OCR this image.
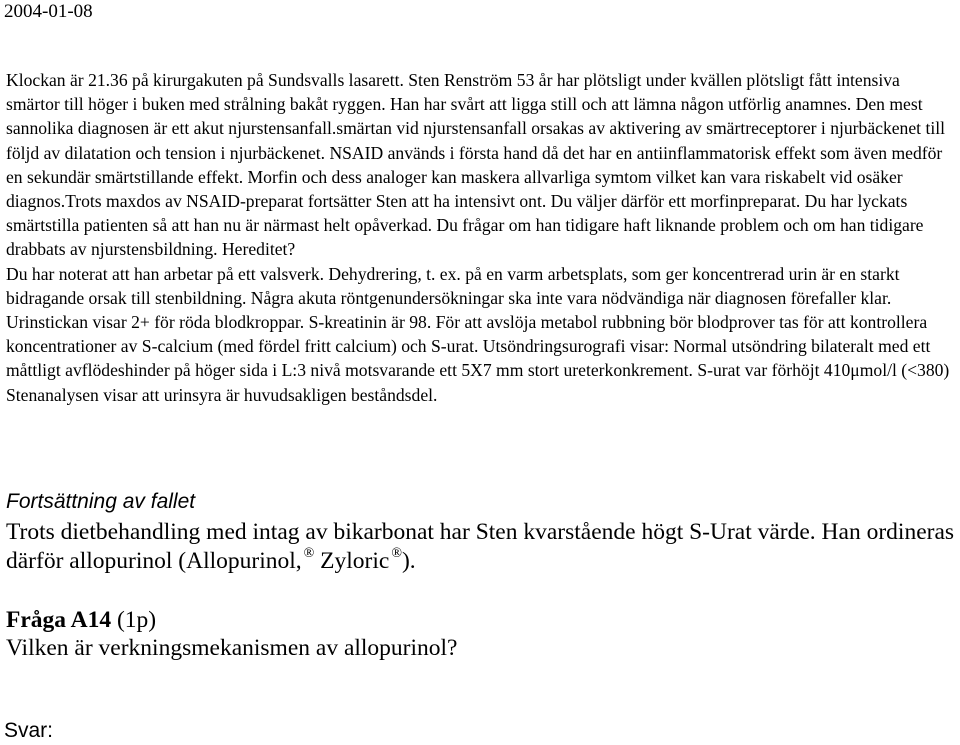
2004-01-08

Klockan är 21.36 på kirurgakuten på Sundsvalls lasarett. Sten Renström 53 år har plötsligt under kvällen plötsligt fått intensiva smärtor till höger i buken med strålning bakåt ryggen. Han har svårt att ligga still och att lämna någon utförlig anamnes. Den mest sannolika diagnosen är ett akut njurstensanfall.smärtan vid njurstensanfall orsakas av aktivering av smärtreceptorer i njurbäckenet till följd av dilatation och tension i njurbäckenet. NSAID används i första hand då det har en antiinflammatorisk effekt som även medför en sekundär smärtstillande effekt. Morfin och dess analoger kan maskera allvarliga symtom vilket kan vara riskabelt vid osäker diagnos.Trots maxdos av NSAID-preparat fortsätter Sten att ha intensivt ont. Du väljer därför ett morfinpreparat. Du har lyckats smärtstilla patienten så att han nu är närmast helt opåverkad. Du frågar om han tidigare haft liknande problem och om han tidigare drabbats av njurstensbildning. Hereditet?

Du har noterat att han arbetar på ett valsverk. Dehydrering, t. ex. på en varm arbetsplats, som ger koncentrerad urin är en starkt bidragande orsak till stenbildning. Några akuta röntgenundersökningar ska inte vara nödvändiga när diagnosen förefaller klar. Urinstickan visar 2+ för röda blodkroppar. S-kreatinin är 98. För att avslöja metabol rubbning bör blodprover tas för att kontrollera koncentrationer av S-calcium (med fördel fritt calcium) och S-urat. Utsöndringsurografi visar: Normal utsöndring bilateralt med ett måttligt avflödeshinder på höger sida i L:3 nivå motsvarande ett 5X7 mm stort ureterkonkrement. S-urat var förhöjt 410μmol/l (<380)

Stenanalysen visar att urinsyra är huvudsakligen beståndsdel.

Fortsättning av fallet

Trots dietbehandling med intag av bikarbonat har Sten kvarstående högt S-Urat värde. Han ordineras därför allopurinol (Allopurinol, ® Zyloric ®).

Fråga A14 (1p)
Vilken är verkningsmekanismen av allopurinol?
Svar:
